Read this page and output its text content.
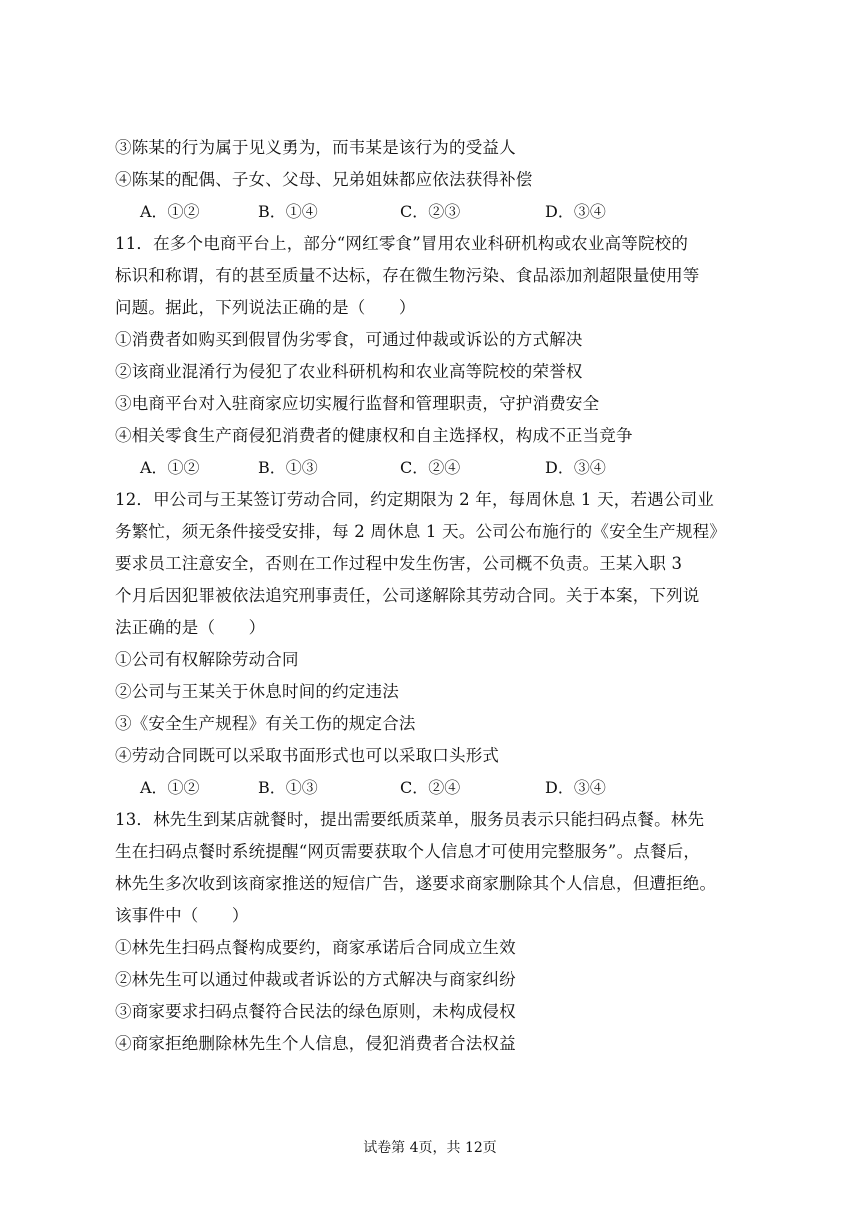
③陈某的行为属于见义勇为，而韦某是该行为的受益人
④陈某的配偶、子女、父母、兄弟姐妹都应依法获得补偿
A．①②	B．①④	C．②③	D．③④
11．在多个电商平台上，部分“网红零食”冒用农业科研机构或农业高等院校的
标识和称谓，有的甚至质量不达标，存在微生物污染、食品添加剂超限量使用等
问题。据此，下列说法正确的是（　　）
①消费者如购买到假冒伪劣零食，可通过仲裁或诉讼的方式解决
②该商业混淆行为侵犯了农业科研机构和农业高等院校的荣誉权
③电商平台对入驻商家应切实履行监督和管理职责，守护消费安全
④相关零食生产商侵犯消费者的健康权和自主选择权，构成不正当竞争
A．①②	B．①③	C．②④	D．③④
12．甲公司与王某签订劳动合同，约定期限为 2 年，每周休息 1 天，若遇公司业
务繁忙，须无条件接受安排，每 2 周休息 1 天。公司公布施行的《安全生产规程》
要求员工注意安全，否则在工作过程中发生伤害，公司概不负责。王某入职 3
个月后因犯罪被依法追究刑事责任，公司遂解除其劳动合同。关于本案，下列说
法正确的是（　　）
①公司有权解除劳动合同
②公司与王某关于休息时间的约定违法
③《安全生产规程》有关工伤的规定合法
④劳动合同既可以采取书面形式也可以采取口头形式
A．①②	B．①③	C．②④	D．③④
13．林先生到某店就餐时，提出需要纸质菜单，服务员表示只能扫码点餐。林先
生在扫码点餐时系统提醒“网页需要获取个人信息才可使用完整服务”。点餐后，
林先生多次收到该商家推送的短信广告，遂要求商家删除其个人信息，但遭拒绝。
该事件中（　　）
①林先生扫码点餐构成要约，商家承诺后合同成立生效
②林先生可以通过仲裁或者诉讼的方式解决与商家纠纷
③商家要求扫码点餐符合民法的绿色原则，未构成侵权
④商家拒绝删除林先生个人信息，侵犯消费者合法权益
试卷第 4页，共 12页
